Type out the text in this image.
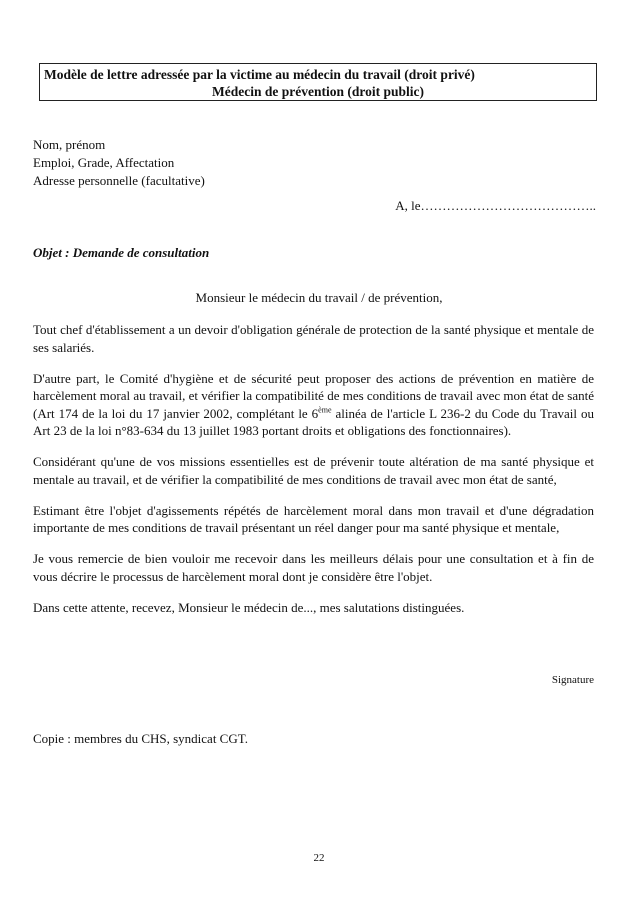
Modèle de lettre adressée par la victime au médecin du travail (droit privé)
Médecin de prévention (droit public)
Nom, prénom
Emploi, Grade, Affectation
Adresse personnelle (facultative)
A, le…………………………………..
Objet : Demande de consultation
Monsieur le médecin du travail / de prévention,

Tout chef d'établissement a un devoir d'obligation générale de protection de la santé physique et mentale de ses salariés.

D'autre part, le Comité d'hygiène et de sécurité peut proposer des actions de prévention en matière de harcèlement moral au travail, et vérifier la compatibilité de mes conditions de travail avec mon état de santé (Art 174 de la loi du 17 janvier 2002, complétant le 6ème alinéa de l'article L 236-2 du Code du Travail ou Art 23 de la loi n°83-634 du 13 juillet 1983 portant droits et obligations des fonctionnaires).

Considérant qu'une de vos missions essentielles est de prévenir toute altération de ma santé physique et mentale au travail, et de vérifier la compatibilité de mes conditions de travail avec mon état de santé,

Estimant être l'objet d'agissements répétés de harcèlement moral dans mon travail et d'une dégradation importante de mes conditions de travail présentant un réel danger pour ma santé physique et mentale,

Je vous remercie de bien vouloir me recevoir dans les meilleurs délais pour une consultation et à fin de vous décrire le processus de harcèlement moral dont je considère être l'objet.

Dans cette attente, recevez, Monsieur le médecin de..., mes salutations distinguées.

Signature
Copie : membres du CHS, syndicat CGT.
22
